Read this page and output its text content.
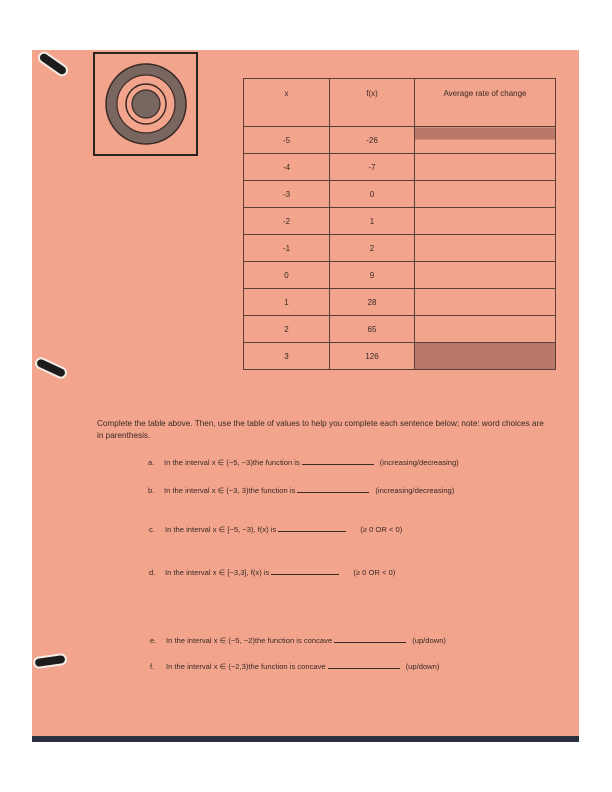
x	f(x)	Average rate of change
-5	-26	
-4	-7	
-3	0	
-2	1	
-1	2	
0	9	
1	28	
2	65	
3	126	
Complete the table above. Then, use the table of values to help you complete each sentence below; note: word choices are in parenthesis.
a. In the interval x ∈ (−5, −3)the function is	(increasing/decreasing)
b. In the interval x ∈ (−3, 3)the function is	(increasing/decreasing)
c. In the interval x ∈ [−5, −3), f(x) is	(≥ 0 OR < 0)
d. In the interval x ∈ [−3,3], f(x) is	(≥ 0 OR < 0)
e. In the interval x ∈ (−5, −2)the function is concave	(up/down)
f. In the interval x ∈ (−2,3)the function is concave	(up/down)
